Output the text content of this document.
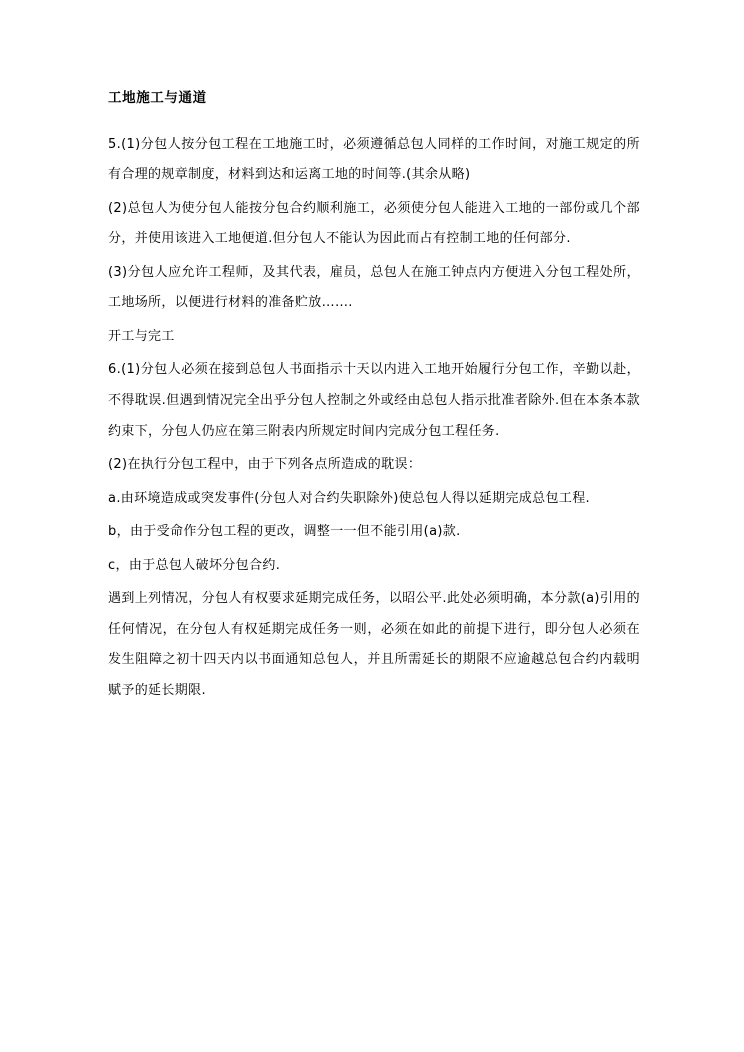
工地施工与通道

5.(1)分包人按分包工程在工地施工时，必须遵循总包人同样的工作时间，对施工规定的所有合理的规章制度，材料到达和运离工地的时间等.(其余从略)

(2)总包人为使分包人能按分包合约顺利施工，必须使分包人能进入工地的一部份或几个部分，并使用该进入工地便道.但分包人不能认为因此而占有控制工地的任何部分.

(3)分包人应允许工程师，及其代表，雇员，总包人在施工钟点内方便进入分包工程处所，工地场所，以便进行材料的准备贮放…….

开工与完工

6.(1)分包人必须在接到总包人书面指示十天以内进入工地开始履行分包工作，辛勤以赴，不得耽误.但遇到情况完全出乎分包人控制之外或经由总包人指示批准者除外.但在本条本款约束下，分包人仍应在第三附表内所规定时间内完成分包工程任务.

(2)在执行分包工程中，由于下列各点所造成的耽误：

a.由环境造成或突发事件(分包人对合约失职除外)使总包人得以延期完成总包工程.

b，由于受命作分包工程的更改，调整一一但不能引用(a)款.

c，由于总包人破坏分包合约.

遇到上列情况，分包人有权要求延期完成任务，以昭公平.此处必须明确，本分款(a)引用的任何情况，在分包人有权延期完成任务一则，必须在如此的前提下进行，即分包人必须在发生阻障之初十四天内以书面通知总包人，并且所需延长的期限不应逾越总包合约内载明赋予的延长期限.
